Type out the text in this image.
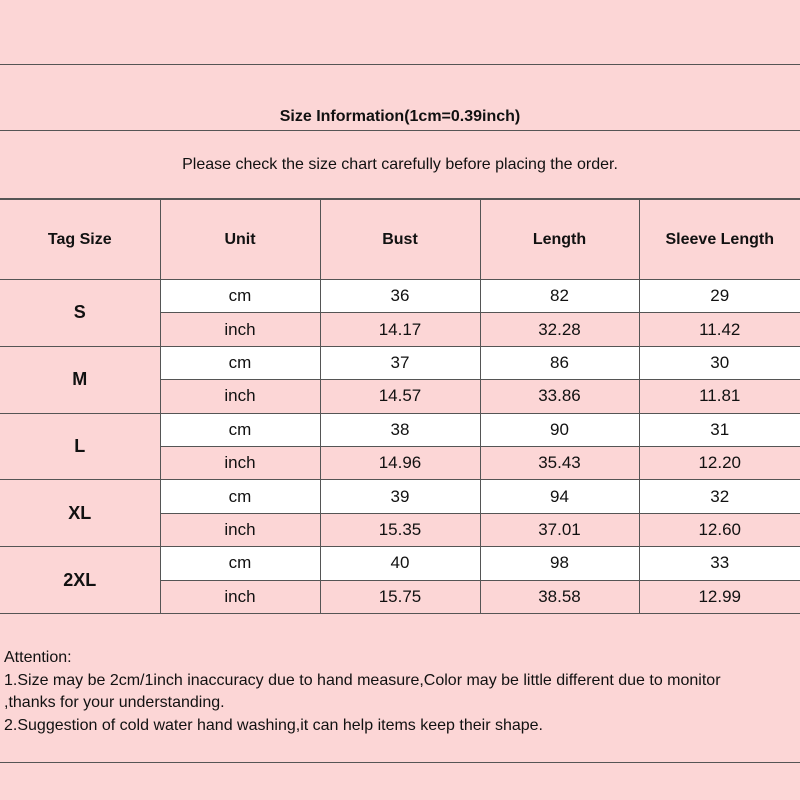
Size Information(1cm=0.39inch)
Please check the size chart carefully before placing the order.
Tag Size	Unit	Bust	Length	Sleeve Length
S	cm	36	82	29
	inch	14.17	32.28	11.42
M	cm	37	86	30
	inch	14.57	33.86	11.81
L	cm	38	90	31
	inch	14.96	35.43	12.20
XL	cm	39	94	32
	inch	15.35	37.01	12.60
2XL	cm	40	98	33
	inch	15.75	38.58	12.99
Attention:
1.Size may be 2cm/1inch inaccuracy due to hand measure,Color may be little different due to monitor
,thanks for your understanding.
2.Suggestion of cold water hand washing,it can help items keep their shape.
